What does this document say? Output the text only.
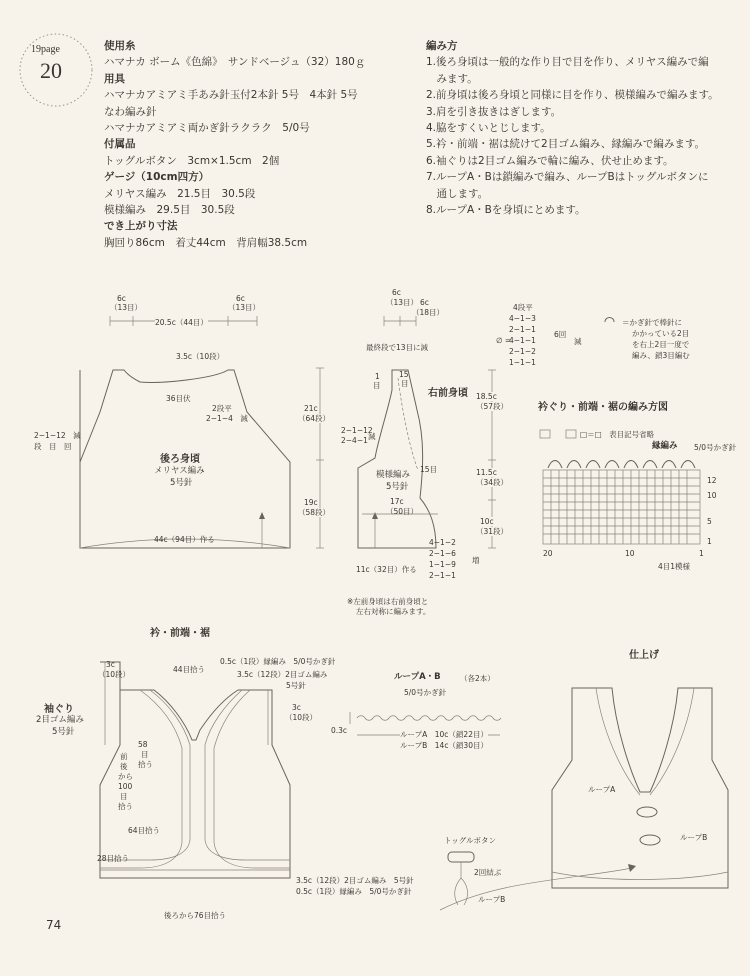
19page
20
使用糸
ハマナカ ボーム《色綿》　サンドベージュ（32）180ｇ
用具
ハマナカアミアミ手あみ針玉付2本針 5号　4本針 5号
なわ編み針
ハマナカアミアミ両かぎ針ラクラク　5/0号
付属品
トッグルボタン　3cm×1.5cm　2個
ゲージ（10cm四方）
メリヤス編み　21.5目　30.5段
模様編み　29.5目　30.5段
でき上がり寸法
胸回り86cm　着丈44cm　背肩幅38.5cm
編み方
1.後ろ身頃は一般的な作り目で目を作り、メリヤス編みで編
　みます。
2.前身頃は後ろ身頃と同様に目を作り、模様編みで編みます。
3.肩を引き抜きはぎします。
4.脇をすくいとじします。
5.衿・前端・裾は続けて2目ゴム編み、縁編みで編みます。
6.袖ぐりは2目ゴム編みで輪に編み、伏せ止めます。
7.ループA・Bは鎖編みで編み、ループBはトッグルボタンに
　通します。
8.ループA・Bを身頃にとめます。
6c
（13目）
20.5c（44目）
6c
（13目）
3.5c（10段）
36目伏
2段平
2−1−4　減
2−1−12　減
段　目　回
後ろ身頃
メリヤス編み
5号針
44c（94目）作る
21c
（64段）
19c
（58段）
6c
（13目） 6c
（18目）
最終段で13目に減
1
目
15
目
右前身頃
2−1−12
2−4−1 減
模様編み
5号針
15目
17c
（50目）
11c（32目）作る
4−1−2
2−1−6
1−1−9
2−1−1
増
18.5c
（57段）
11.5c
（34段）
10c
（31段）
4段平
4−1−3
2−1−1
∅ =
4−1−1
2−1−2
1−1−1
6回
減
※左前身頃は右前身頃と
左右対称に編みます。
＝かぎ針で棒針に
かかっている2目
を右上2目一度で
編み、鎖3目編む
衿ぐり・前端・裾の編み方図
□＝□　表目記号省略
縁編み 5/0号かぎ針
12
10
5
1
20	10	1
4目1模様
衿・前端・裾
44目拾う
0.5c（1段）縁編み　5/0号かぎ針
3.5c（12段）2目ゴム編み
5号針
3c
（10段）
3c
（10段）
袖ぐり
2目ゴム編み
5号針
58
目
拾う
前
後
から
100
目
拾う
64目拾う
28目拾う
3.5c（12段）2目ゴム編み　5号針
0.5c（1段）縁編み　5/0号かぎ針
後ろから76目拾う
ループA・B	（各2本）
5/0号かぎ針
0.3c	ループA　10c（鎖22目）
ループB　14c（鎖30目）
仕上げ
ループA
ループB
トッグルボタン
2回結ぶ
ループB
74
